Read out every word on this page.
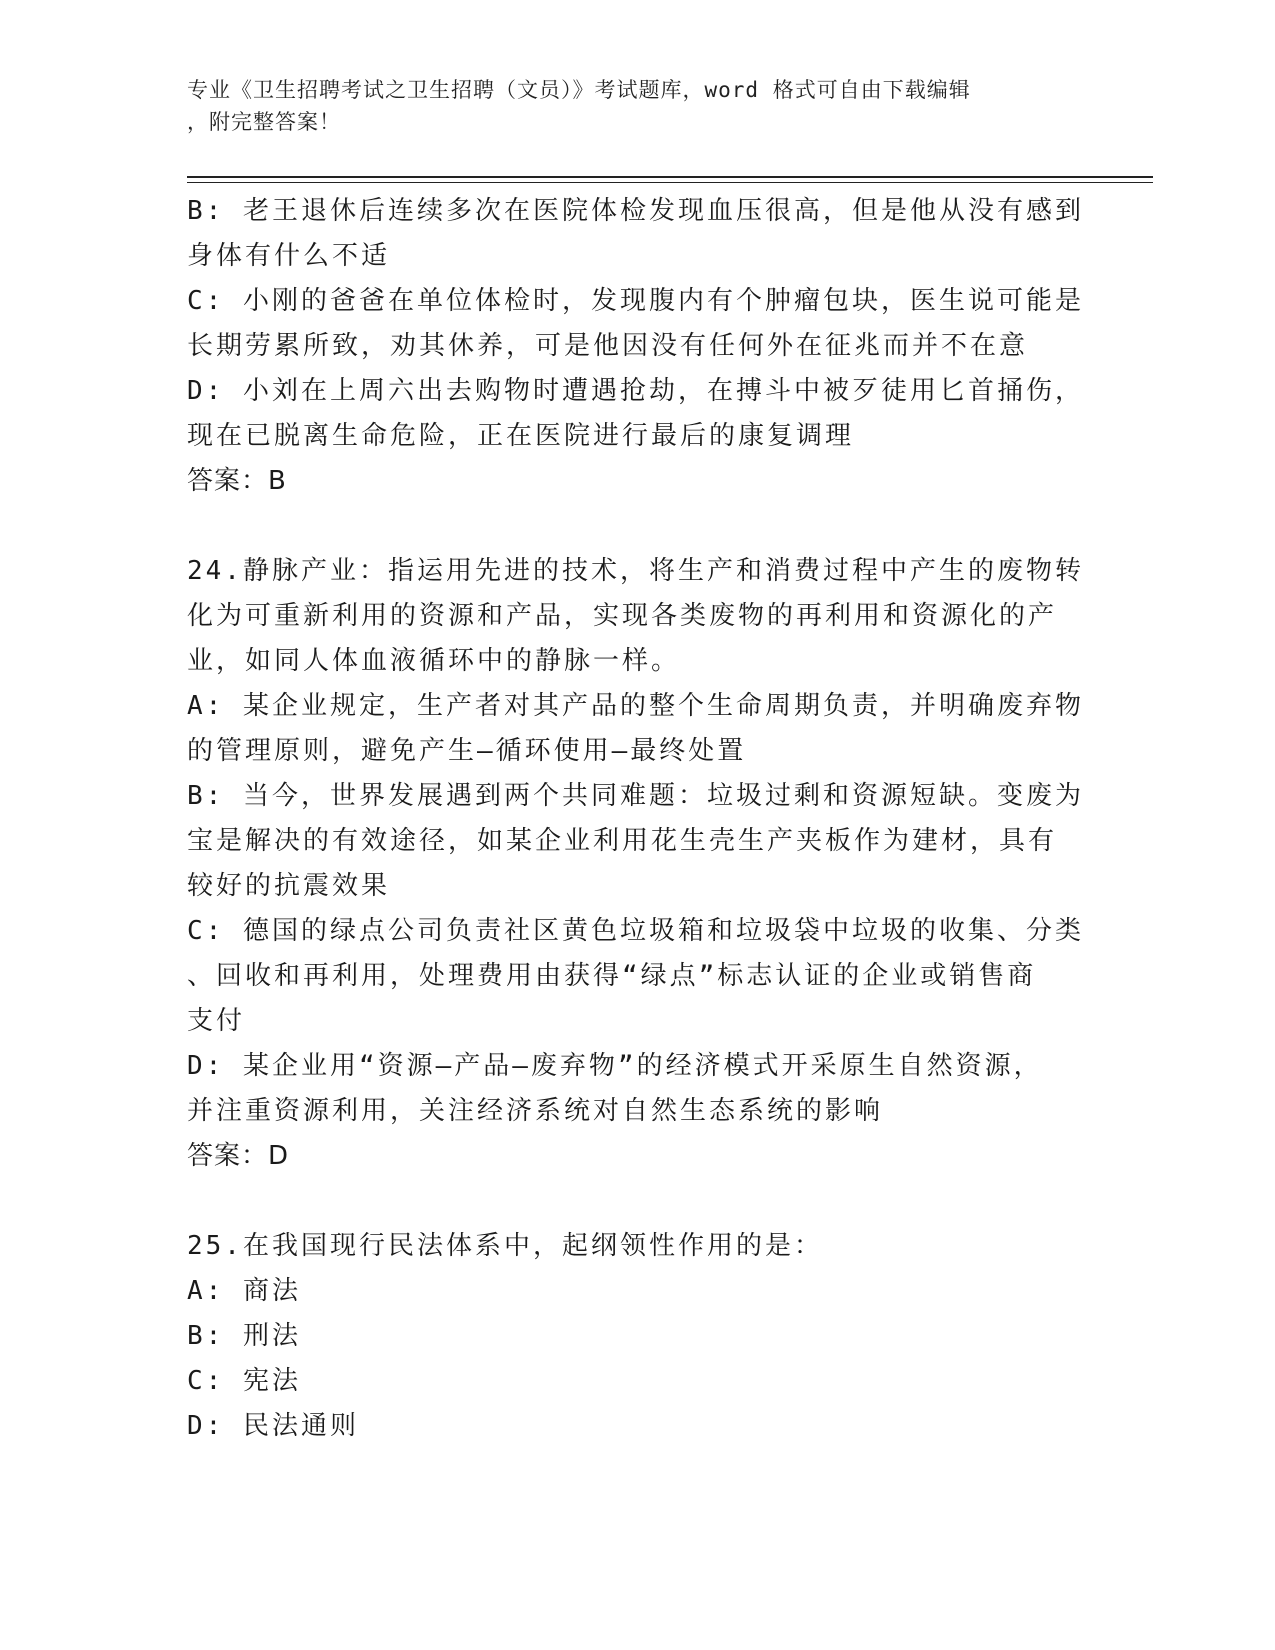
专业《卫生招聘考试之卫生招聘（文员）》考试题库，word 格式可自由下载编辑
，附完整答案！
B: 老王退休后连续多次在医院体检发现血压很高，但是他从没有感到
身体有什么不适
C: 小刚的爸爸在单位体检时，发现腹内有个肿瘤包块，医生说可能是
长期劳累所致，劝其休养，可是他因没有任何外在征兆而并不在意
D: 小刘在上周六出去购物时遭遇抢劫，在搏斗中被歹徒用匕首捅伤，
现在已脱离生命危险，正在医院进行最后的康复调理
答案：B
24.静脉产业：指运用先进的技术，将生产和消费过程中产生的废物转
化为可重新利用的资源和产品，实现各类废物的再利用和资源化的产
业，如同人体血液循环中的静脉一样。
A: 某企业规定，生产者对其产品的整个生命周期负责，并明确废弃物
的管理原则，避免产生—循环使用—最终处置
B: 当今，世界发展遇到两个共同难题：垃圾过剩和资源短缺。变废为
宝是解决的有效途径，如某企业利用花生壳生产夹板作为建材，具有
较好的抗震效果
C: 德国的绿点公司负责社区黄色垃圾箱和垃圾袋中垃圾的收集、分类
、回收和再利用，处理费用由获得“绿点”标志认证的企业或销售商
支付
D: 某企业用“资源—产品—废弃物”的经济模式开采原生自然资源，
并注重资源利用，关注经济系统对自然生态系统的影响
答案：D
25.在我国现行民法体系中，起纲领性作用的是：
A: 商法
B: 刑法
C: 宪法
D: 民法通则
